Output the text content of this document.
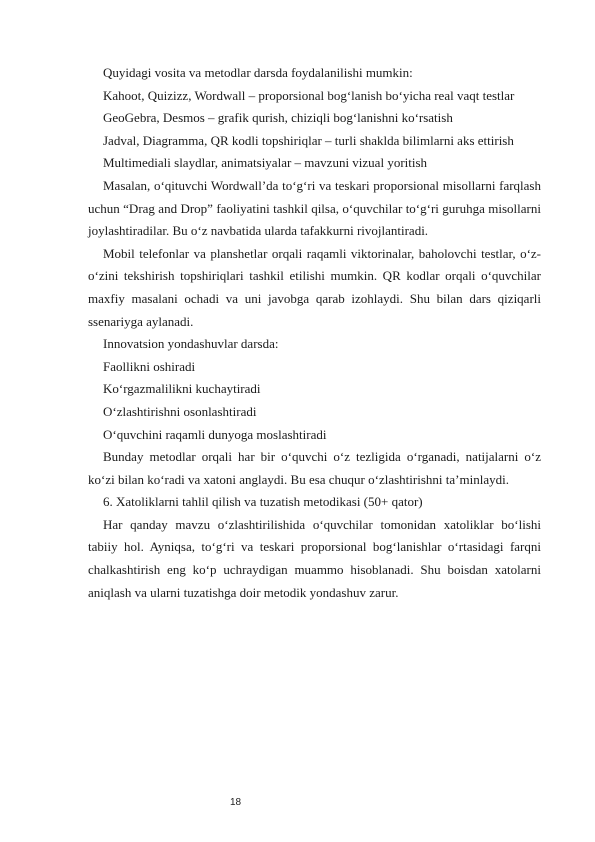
Quyidagi vosita va metodlar darsda foydalanilishi mumkin:

Kahoot, Quizizz, Wordwall – proporsional bog‘lanish bo‘yicha real vaqt testlar

GeoGebra, Desmos – grafik qurish, chiziqli bog‘lanishni ko‘rsatish

Jadval, Diagramma, QR kodli topshiriqlar – turli shaklda bilimlarni aks ettirish

Multimediali slaydlar, animatsiyalar – mavzuni vizual yoritish

Masalan, o‘qituvchi Wordwall’da to‘g‘ri va teskari proporsional misollarni farqlash uchun “Drag and Drop” faoliyatini tashkil qilsa, o‘quvchilar to‘g‘ri guruhga misollarni joylashtiradilar. Bu o‘z navbatida ularda tafakkurni rivojlantiradi.

Mobil telefonlar va planshetlar orqali raqamli viktorinalar, baholovchi testlar, o‘z-o‘zini tekshirish topshiriqlari tashkil etilishi mumkin. QR kodlar orqali o‘quvchilar maxfiy masalani ochadi va uni javobga qarab izohlaydi. Shu bilan dars qiziqarli ssenariyga aylanadi.

Innovatsion yondashuvlar darsda:

Faollikni oshiradi

Ko‘rgazmalilikni kuchaytiradi

O‘zlashtirishni osonlashtiradi

O‘quvchini raqamli dunyoga moslashtiradi

Bunday metodlar orqali har bir o‘quvchi o‘z tezligida o‘rganadi, natijalarni o‘z ko‘zi bilan ko‘radi va xatoni anglaydi. Bu esa chuqur o‘zlashtirishni ta’minlaydi.

6. Xatoliklarni tahlil qilish va tuzatish metodikasi (50+ qator)

Har qanday mavzu o‘zlashtirilishida o‘quvchilar tomonidan xatoliklar bo‘lishi tabiiy hol. Ayniqsa, to‘g‘ri va teskari proporsional bog‘lanishlar o‘rtasidagi farqni chalkashtirish eng ko‘p uchraydigan muammo hisoblanadi. Shu boisdan xatolarni aniqlash va ularni tuzatishga doir metodik yondashuv zarur.

18
